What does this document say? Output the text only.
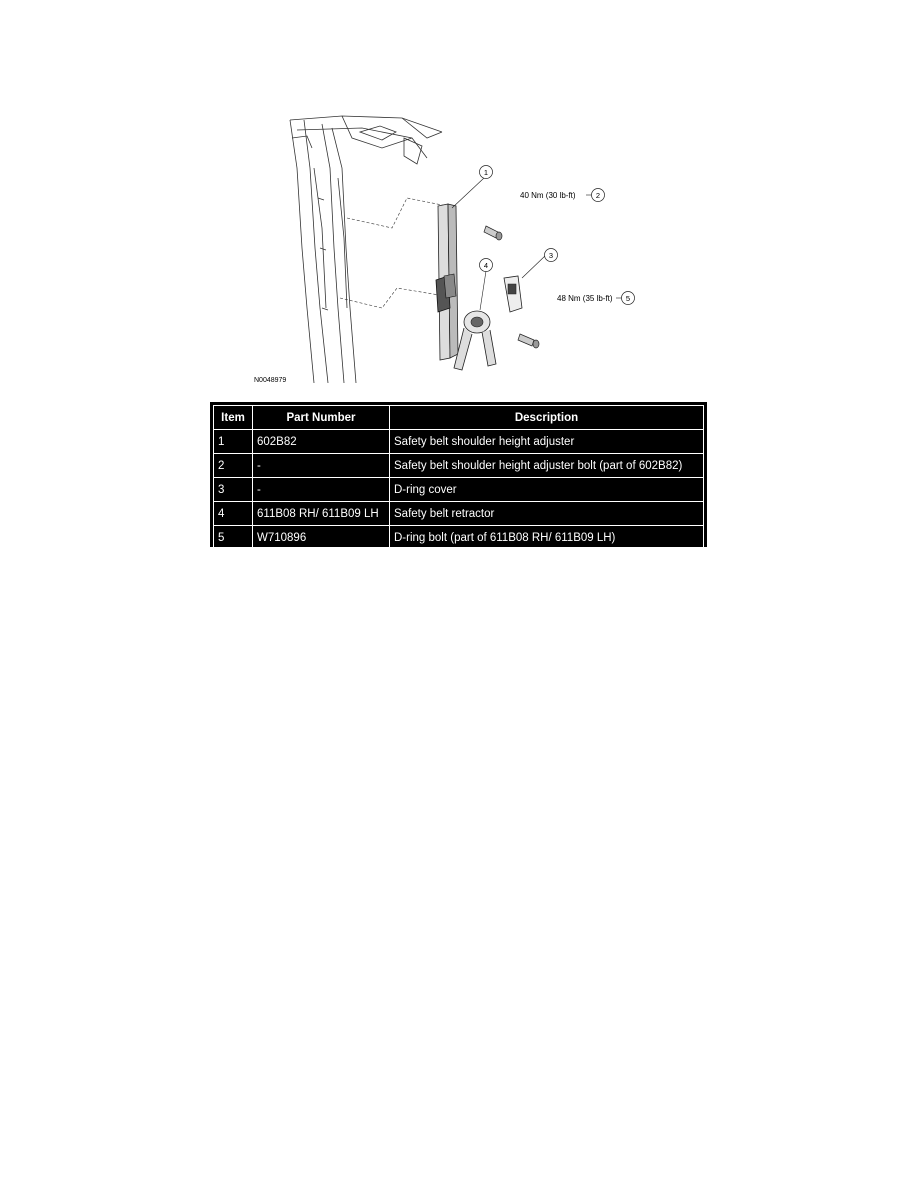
1
40 Nm (30 lb-ft)	2
3
4
48 Nm (35 lb-ft) 5
N0048979
Item	Part Number	Description
1	602B82	Safety belt shoulder height adjuster
2	-	Safety belt shoulder height adjuster bolt (part of 602B82)
3	-	D-ring cover
4	611B08 RH/ 611B09 LH	Safety belt retractor
5	W710896	D-ring bolt (part of 611B08 RH/ 611B09 LH)
